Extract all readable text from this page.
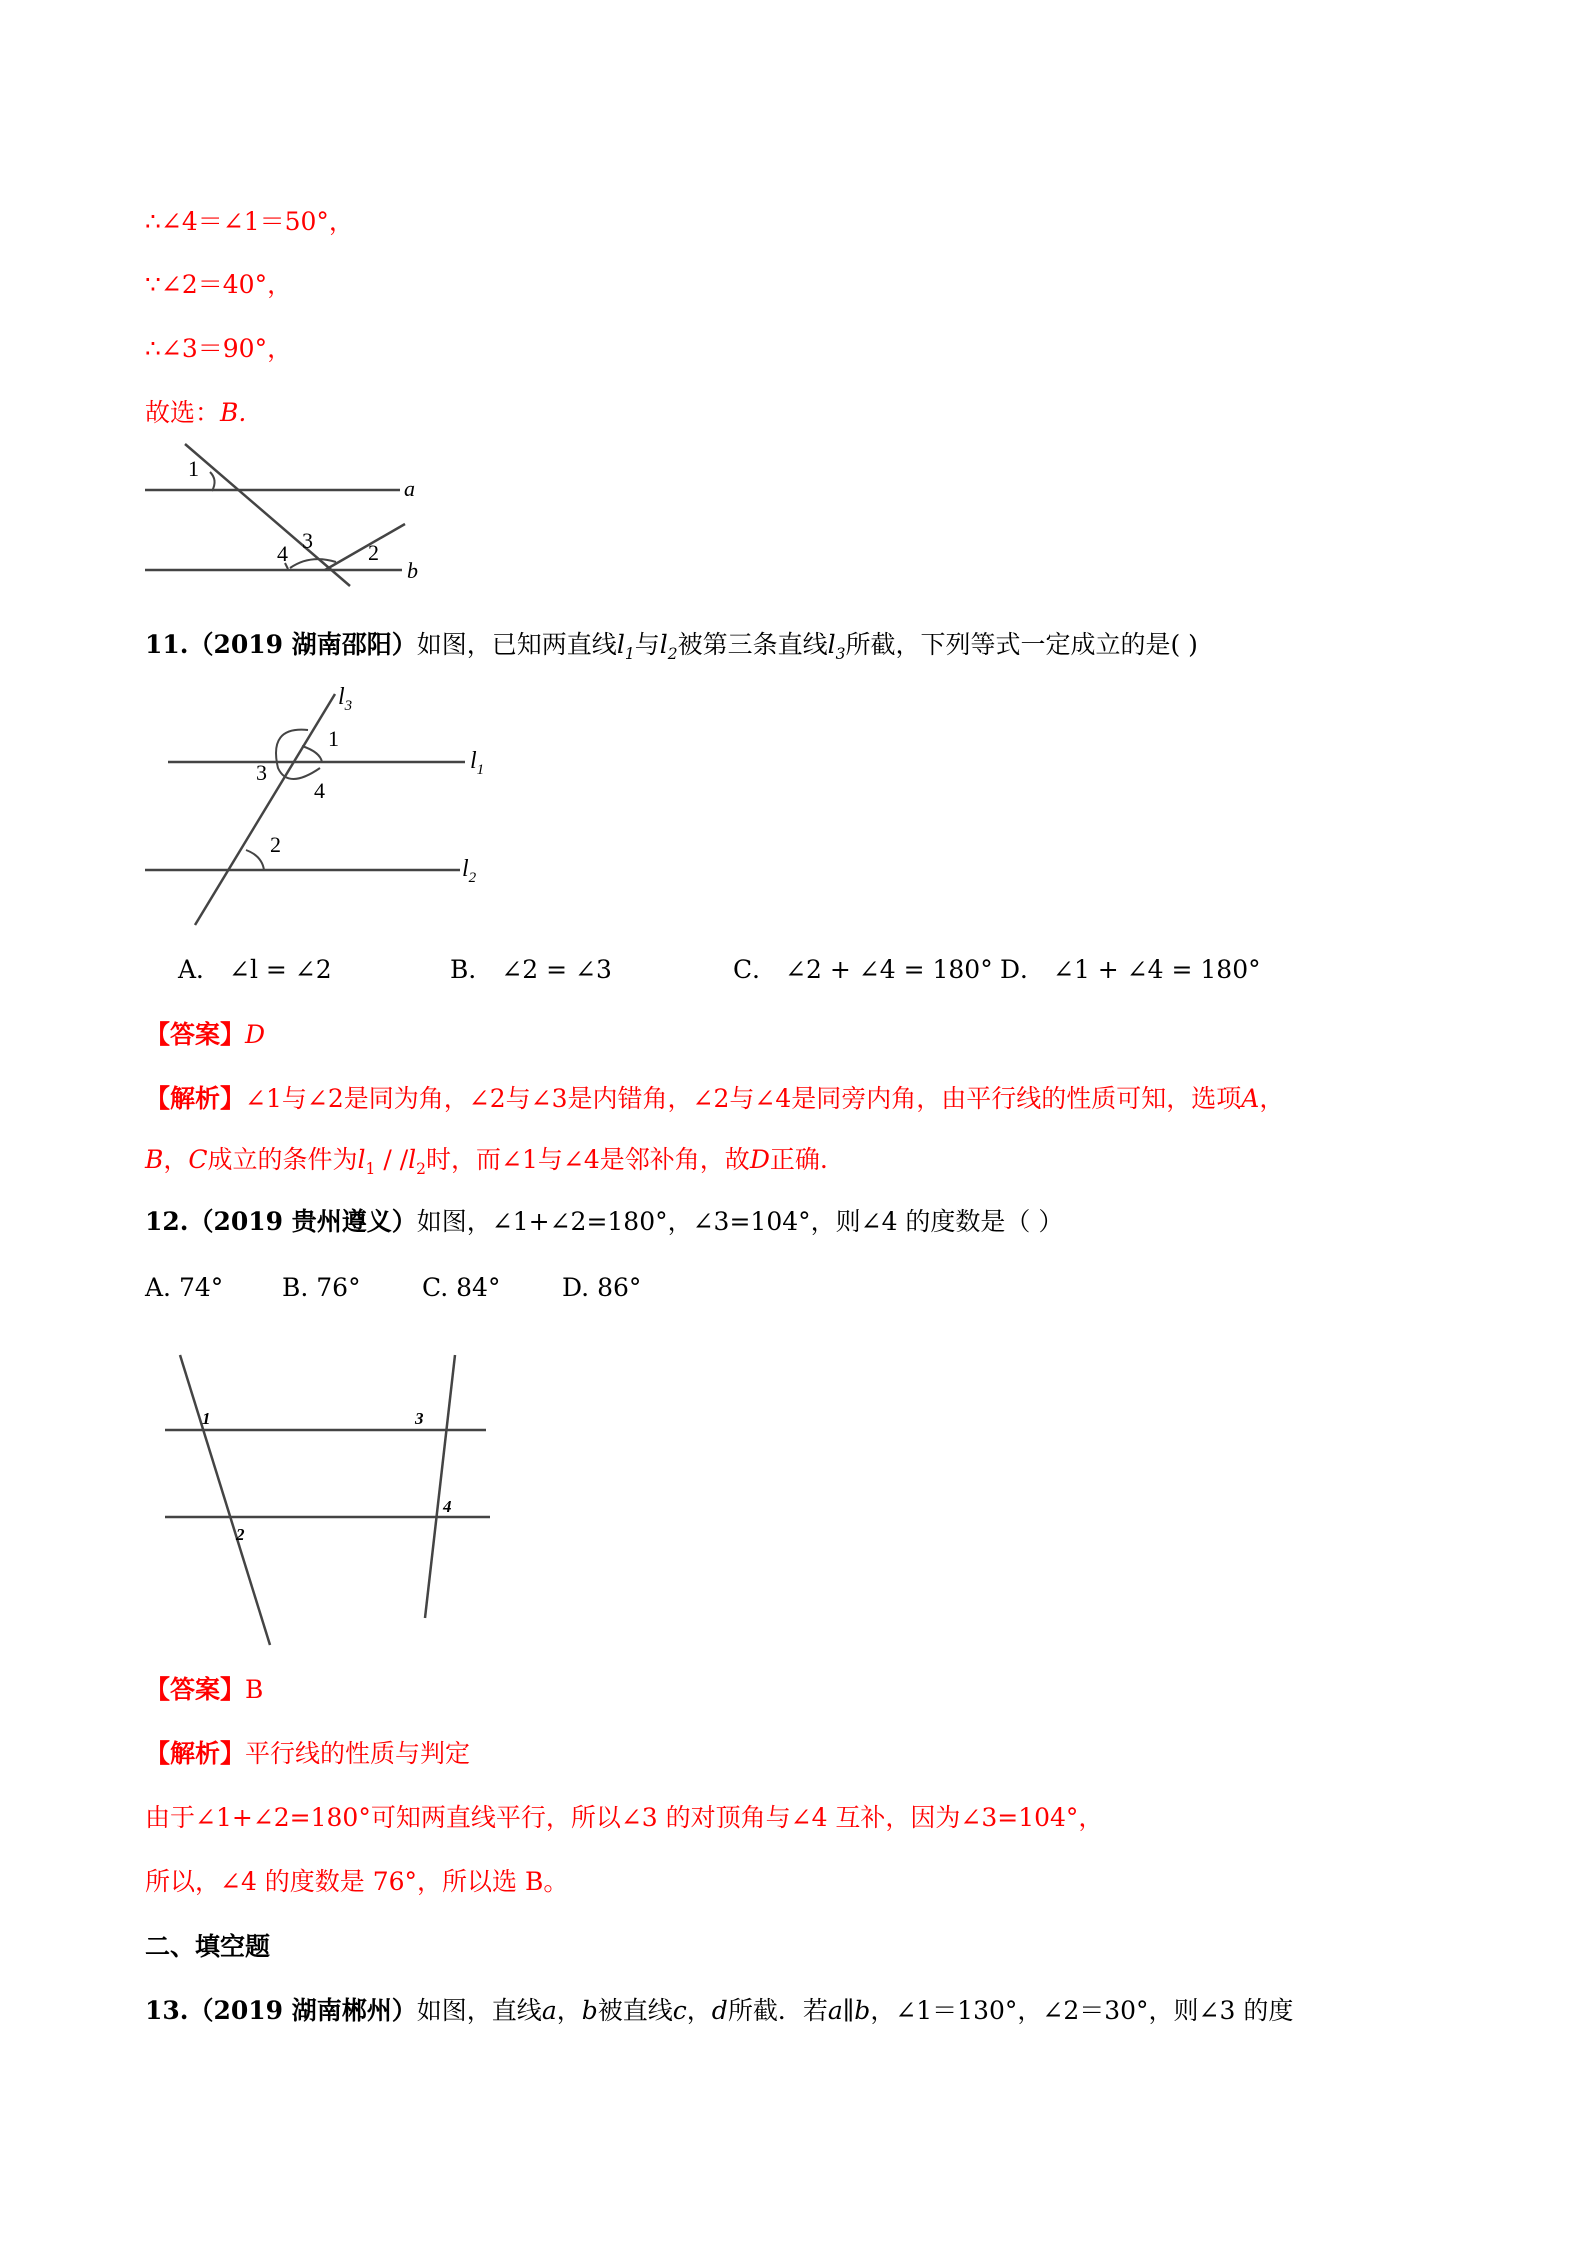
∴∠4＝∠1＝50°，
∵∠2＝40°，
∴∠3＝90°，
故选：B.
1
a
4
3	2
b
11.（2019 湖南邵阳）如图，已知两直线$l_1$与$l_2$被第三条直线$l_3$所截，下列等式一定成立的是( )
$l_3$
1
$l_1$
3
4
2
$l_2$
A． ∠l = ∠2	B． ∠2 = ∠3	C． ∠2 + ∠4 = 180° D． ∠1 + ∠4 = 180°
【答案】D
【解析】∠1与∠2是同为角，∠2与∠3是内错角，∠2与∠4是同旁内角，由平行线的性质可知，选项A，
B，C成立的条件为$l_1 / /l_2$时，而∠1与∠4是邻补角，故D正确.
12.（2019 贵州遵义）如图，∠1+∠2=180°，∠3=104°，则∠4 的度数是（ ）
A. 74° B. 76° C. 84° D. 86°
1	3
4
2
【答案】B
【解析】平行线的性质与判定
由于∠1+∠2=180°可知两直线平行，所以∠3 的对顶角与∠4 互补，因为∠3=104°，
所以，∠4 的度数是 76°，所以选 B。
二、填空题
13.（2019 湖南郴州）如图，直线a，b被直线c，d所截．若a∥b，∠1＝130°，∠2＝30°，则∠3 的度
